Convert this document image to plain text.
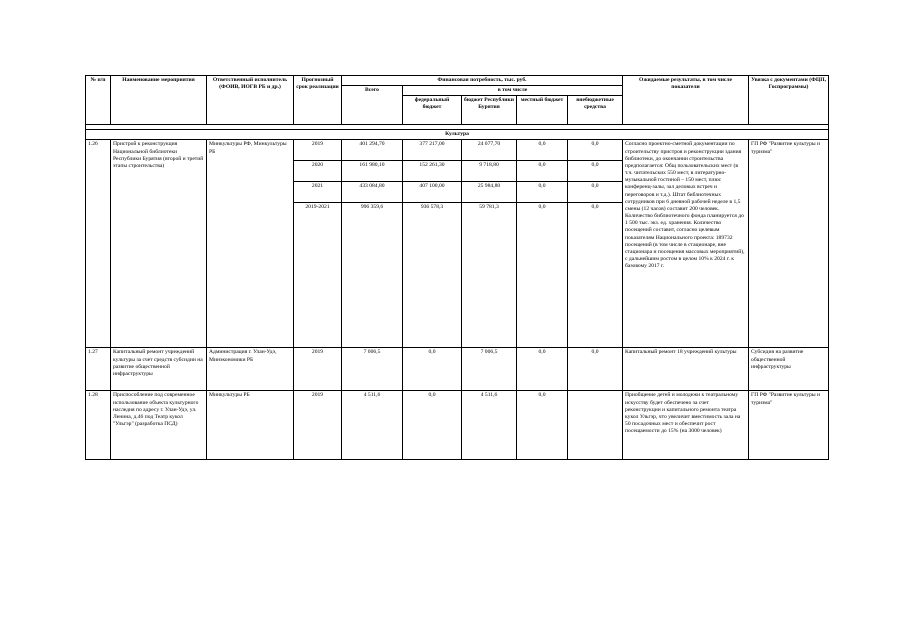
№ п/п	Наименование мероприятия	Ответственный исполнитель (ФОИВ, ИОГВ РБ и др.)	Прогнозный срок реализации	Финансовая потребность, тыс. руб.					Ожидаемые результаты, в том числе показатели	Увязка с документами (ФЦП, Госпрограммы)
				Всего	в том числе					
					федеральный бюджет	бюджет Республики Бурятия	местный бюджет	внебюджетные средства		

Культура										
1.26	Пристрой к реконструкция Национальной библиотеки Республики Бурятия (второй и третий этапы строительства)	Минкультуры РФ, Минкультуры РБ	2019	401 294,70	377 217,00	24 077,70	0,0	0,0	Согласно проектно-сметной документации по строительству пристроя и реконструкции здания библиотеки, до окончании строительства предполагается: Общ пользовательских мест (в т.ч. читательских 550 мест, в литературно-музыкальной гостиной – 150 мест, плюс конференц-залы, зал деловых встреч и переговоров и т.д.). Штат библиотечных сотрудников при 6 дневной рабочей неделе в 1,5 смены (12 часов) составит 200 человек. Количество библиотечного фонда планируется до 1 500 тыс. экз. ед. хранения. Количество посещений составит, согласно целевым показателям Национального проекта: 189732 посещений (в том числе в стационаре, вне стационара и посещения массовых мероприятий), с дальнейшим ростом в целом 10% к 2024 г. к базовому 2017 г.	ГП РФ "Развитие культуры и туризма"
			2020	161 980,10	152 261,30	9 718,80	0,0	0,0		
			2021	433 084,80	407 100,00	25 984,80	0,0	0,0		
			2019-2021	996 359,6	936 578,3	59 781,3	0,0	0,0		
1.27	Капитальный ремонт учреждений культуры за счет средств субсидии на развитие общественной инфраструктуры	Администрация г. Улан-Удэ, Минэкономики РБ	2019	7 006,5	0,0	7 006,5	0,0	0,0	Капитальный ремонт 18 учреждений культуры	Субсидия на развитие общественной инфраструктуры
1.28	Приспособление под современное использование объекта культурного наследия по адресу г. Улан-Удэ, ул. Ленина, д.46 под Театр кукол "Ульгэр" (разработка ПСД)	Минкультуры РБ	2019	4 511,6	0,0	4 511,6	0,0		Приобщение детей и молодежи к театральному искусству будет обеспечено за счет реконструкции и капитального ремонта театра кукол Ульгэр, что увеличит вместимость зала на 50 посадочных мест и обеспечит рост посещаемости до 15% (на 3000 человек)	ГП РФ "Развитие культуры и туризма"
